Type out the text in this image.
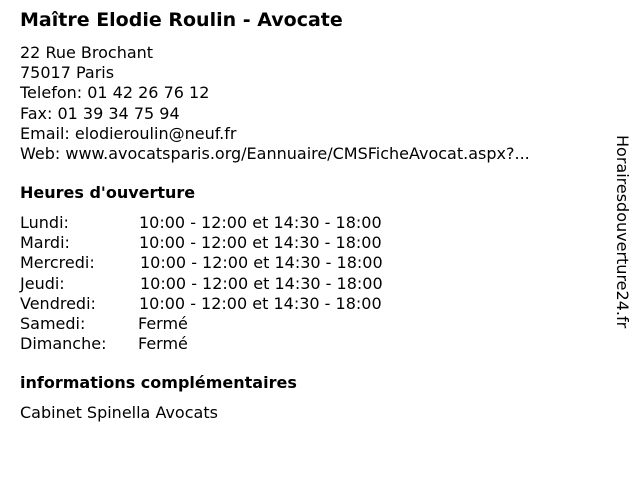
Maître Elodie Roulin - Avocate
22 Rue Brochant
75017 Paris
Telefon: 01 42 26 76 12
Fax: 01 39 34 75 94
Email: elodieroulin@neuf.fr
Web: www.avocatsparis.org/Eannuaire/CMSFicheAvocat.aspx?...
Heures d'ouverture
Lundi:	10:00 - 12:00 et 14:30 - 18:00
Mardi:	10:00 - 12:00 et 14:30 - 18:00
Mercredi:	10:00 - 12:00 et 14:30 - 18:00
Jeudi:	10:00 - 12:00 et 14:30 - 18:00
Vendredi:	10:00 - 12:00 et 14:30 - 18:00
Samedi:	Fermé
Dimanche: Fermé
informations complémentaires
Cabinet Spinella Avocats
Horairesdouverture24.fr
